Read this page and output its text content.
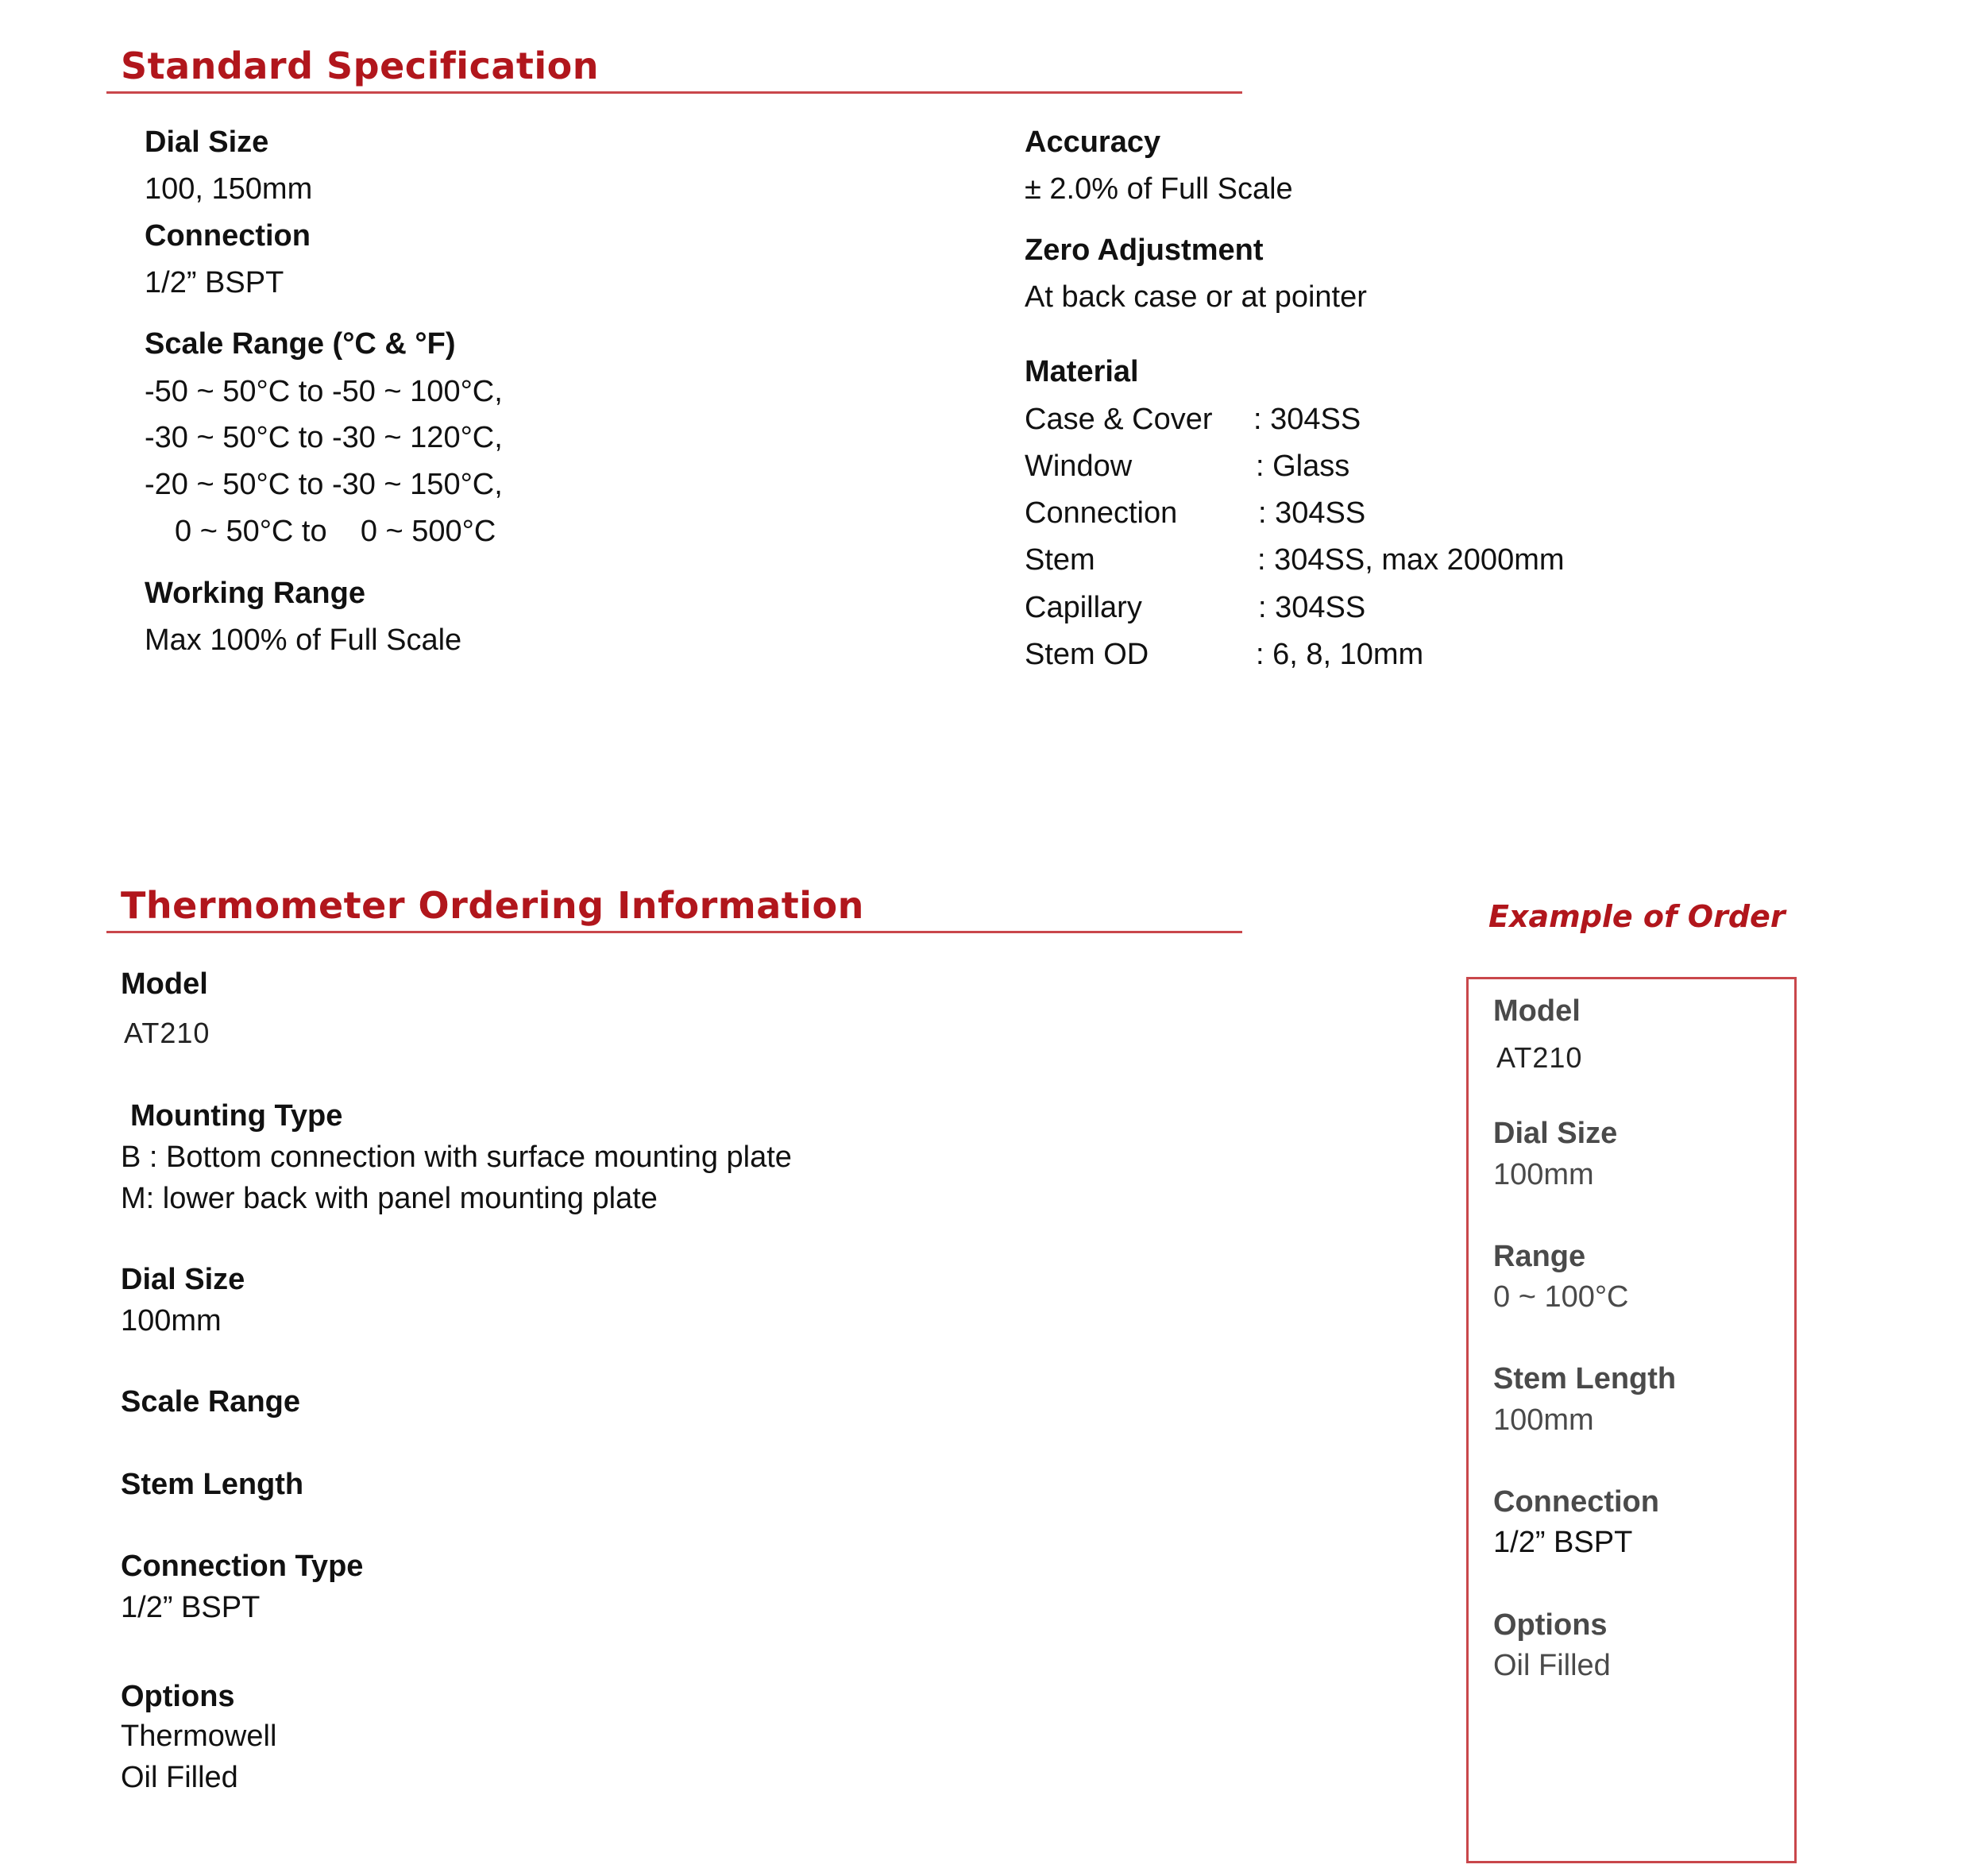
Standard Specification
Dial Size
100, 150mm
Connection
1/2” BSPT
Scale Range (°C & °F)
-50 ~ 50°C to -50 ~ 100°C,
-30 ~ 50°C to -30 ~ 120°C,
-20 ~ 50°C to -30 ~ 150°C,
0 ~ 50°C to    0 ~ 500°C
Working Range
Max 100% of Full Scale
Accuracy
± 2.0% of Full Scale
Zero Adjustment
At back case or at pointer
Material
Case & Cover : 304SS
Window	: Glass
Connection	: 304SS
Stem	: 304SS, max 2000mm
Capillary	: 304SS
Stem OD	: 6, 8, 10mm
Thermometer Ordering Information
Model
AT210
Mounting Type
B : Bottom connection with surface mounting plate
M: lower back with panel mounting plate
Dial Size
100mm
Scale Range
Stem Length
Connection Type
1/2” BSPT
Options
Thermowell
Oil Filled
Example of Order
Model
AT210
Dial Size
100mm
Range
0 ~ 100°C
Stem Length
100mm
Connection
1/2” BSPT
Options
Oil Filled
